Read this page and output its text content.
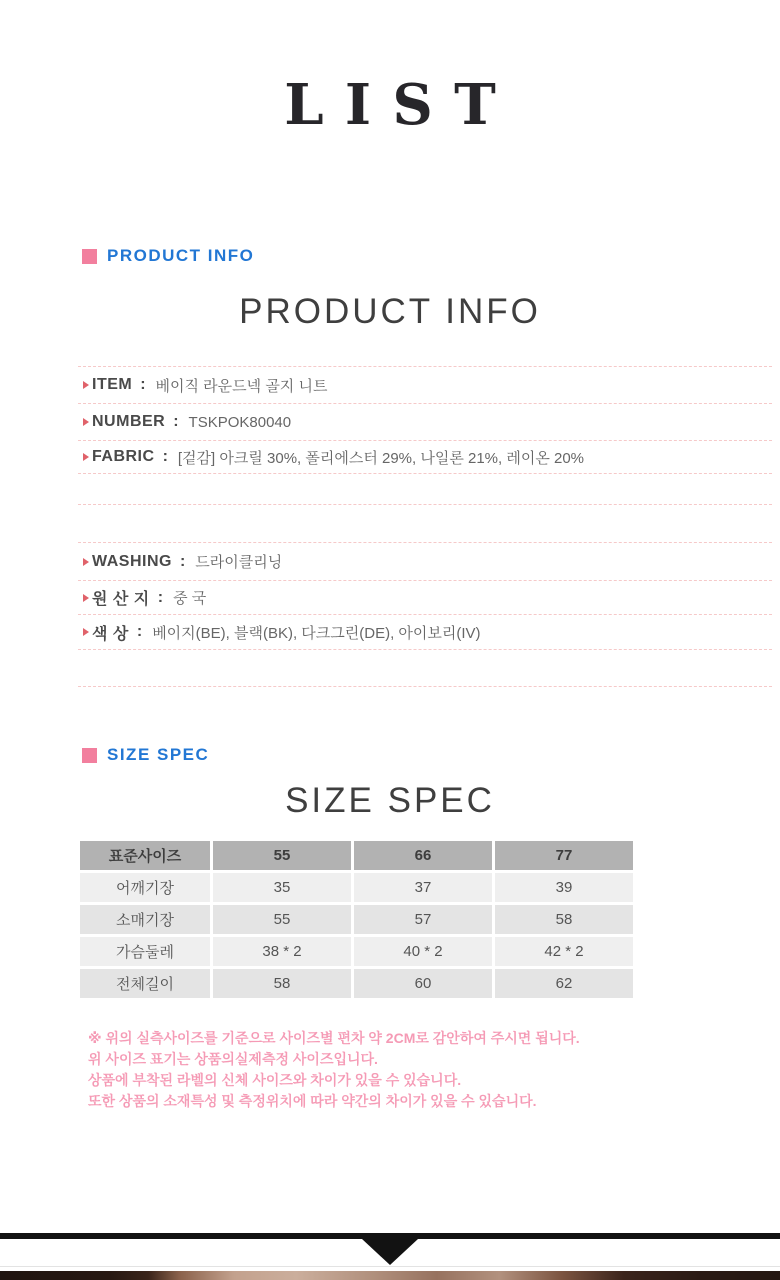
LIST
PRODUCT INFO
PRODUCT INFO
ITEM : 베이직 라운드넥 골지 니트
NUMBER : TSKPOK80040
FABRIC : [겉감] 아크릴 30%, 폴리에스터 29%, 나일론 21%, 레이온 20%
WASHING : 드라이클리닝
원 산 지 : 중 국
색 상 : 베이지(BE), 블랙(BK), 다크그린(DE), 아이보리(IV)
SIZE SPEC
SIZE SPEC
표준사이즈	55	66	77
어깨기장	35	37	39
소매기장	55	57	58
가슴둘레	38 * 2	40 * 2	42 * 2
전체길이	58	60	62
※ 위의 실측사이즈를 기준으로 사이즈별 편차 약 2CM로 감안하여 주시면 됩니다.
위 사이즈 표기는 상품의실제측정 사이즈입니다.
상품에 부착된 라벨의 신체 사이즈와 차이가 있을 수 있습니다.
또한 상품의 소재특성 및 측정위치에 따라 약간의 차이가 있을 수 있습니다.
